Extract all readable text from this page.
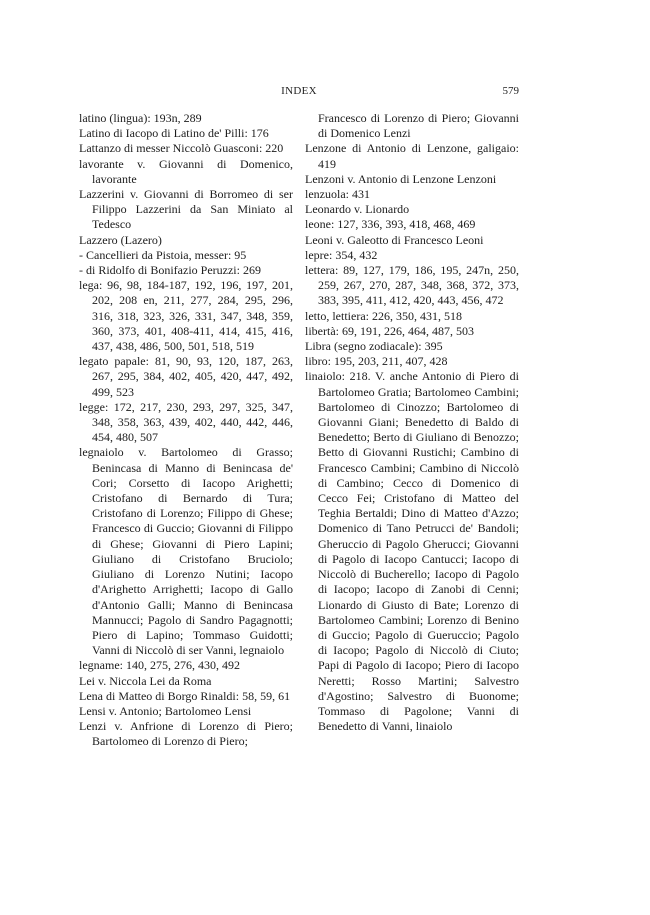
INDEX	579

latino (lingua): 193n, 289

Latino di Iacopo di Latino de' Pilli: 176

Lattanzo di messer Niccolò Guasconi: 220

lavorante v. Giovanni di Domenico, lavorante

Lazzerini v. Giovanni di Borromeo di ser Filippo Lazzerini da San Miniato al Tedesco

Lazzero (Lazero)

- Cancellieri da Pistoia, messer: 95

- di Ridolfo di Bonifazio Peruzzi: 269

lega: 96, 98, 184-187, 192, 196, 197, 201, 202, 208 en, 211, 277, 284, 295, 296, 316, 318, 323, 326, 331, 347, 348, 359, 360, 373, 401, 408-411, 414, 415, 416, 437, 438, 486, 500, 501, 518, 519

legato papale: 81, 90, 93, 120, 187, 263, 267, 295, 384, 402, 405, 420, 447, 492, 499, 523

legge: 172, 217, 230, 293, 297, 325, 347, 348, 358, 363, 439, 402, 440, 442, 446, 454, 480, 507

legnaiolo v. Bartolomeo di Grasso; Benincasa di Manno di Benincasa de' Cori; Corsetto di Iacopo Arighetti; Cristofano di Bernardo di Tura; Cristofano di Lorenzo; Filippo di Ghese; Francesco di Guccio; Giovanni di Filippo di Ghese; Giovanni di Piero Lapini; Giuliano di Cristofano Bruciolo; Giuliano di Lorenzo Nutini; Iacopo d'Arighetto Arrighetti; Iacopo di Gallo d'Antonio Galli; Manno di Benincasa Mannucci; Pagolo di Sandro Pagagnotti; Piero di Lapino; Tommaso Guidotti; Vanni di Niccolò di ser Vanni, legnaiolo

legname: 140, 275, 276, 430, 492

Lei v. Niccola Lei da Roma

Lena di Matteo di Borgo Rinaldi: 58, 59, 61

Lensi v. Antonio; Bartolomeo Lensi

Lenzi v. Anfrione di Lorenzo di Piero; Bartolomeo di Lorenzo di Piero;

Francesco di Lorenzo di Piero; Giovanni di Domenico Lenzi

Lenzone di Antonio di Lenzone, galigaio: 419

Lenzoni v. Antonio di Lenzone Lenzoni

lenzuola: 431

Leonardo v. Lionardo

leone: 127, 336, 393, 418, 468, 469

Leoni v. Galeotto di Francesco Leoni

lepre: 354, 432

lettera: 89, 127, 179, 186, 195, 247n, 250, 259, 267, 270, 287, 348, 368, 372, 373, 383, 395, 411, 412, 420, 443, 456, 472

letto, lettiera: 226, 350, 431, 518

libertà: 69, 191, 226, 464, 487, 503

Libra (segno zodiacale): 395

libro: 195, 203, 211, 407, 428

linaiolo: 218. V. anche Antonio di Piero di Bartolomeo Gratia; Bartolomeo Cambini; Bartolomeo di Cinozzo; Bartolomeo di Giovanni Giani; Benedetto di Baldo di Benedetto; Berto di Giuliano di Benozzo; Betto di Giovanni Rustichi; Cambino di Francesco Cambini; Cambino di Niccolò di Cambino; Cecco di Domenico di Cecco Fei; Cristofano di Matteo del Teghia Bertaldi; Dino di Matteo d'Azzo; Domenico di Tano Petrucci de' Bandoli; Gheruccio di Pagolo Gherucci; Giovanni di Pagolo di Iacopo Cantucci; Iacopo di Niccolò di Bucherello; Iacopo di Pagolo di Iacopo; Iacopo di Zanobi di Cenni; Lionardo di Giusto di Bate; Lorenzo di Bartolomeo Cambini; Lorenzo di Benino di Guccio; Pagolo di Gueruccio; Pagolo di Iacopo; Pagolo di Niccolò di Ciuto; Papi di Pagolo di Iacopo; Piero di Iacopo Neretti; Rosso Martini; Salvestro d'Agostino; Salvestro di Buonome; Tommaso di Pagolone; Vanni di Benedetto di Vanni, linaiolo
